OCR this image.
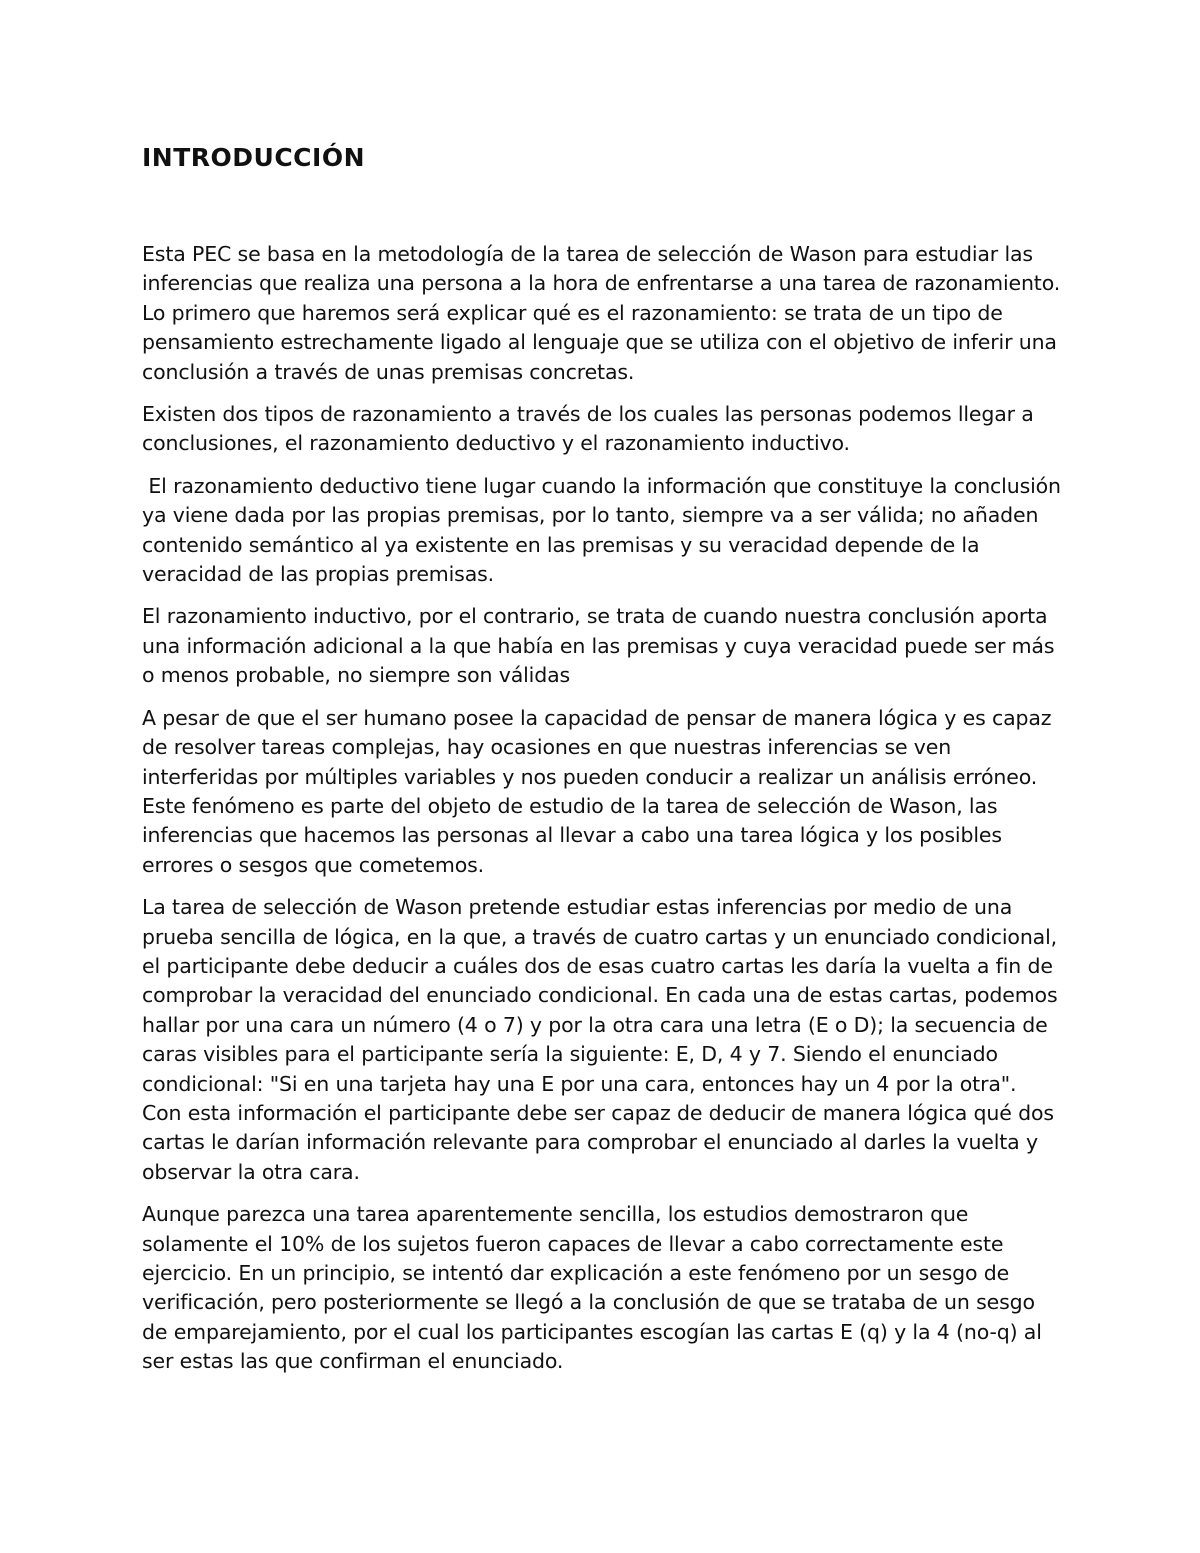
INTRODUCCIÓN

Esta PEC se basa en la metodología de la tarea de selección de Wason para estudiar las inferencias que realiza una persona a la hora de enfrentarse a una tarea de razonamiento. Lo primero que haremos será explicar qué es el razonamiento: se trata de un tipo de pensamiento estrechamente ligado al lenguaje que se utiliza con el objetivo de inferir una conclusión a través de unas premisas concretas.

Existen dos tipos de razonamiento a través de los cuales las personas podemos llegar a conclusiones, el razonamiento deductivo y el razonamiento inductivo.

El razonamiento deductivo tiene lugar cuando la información que constituye la conclusión ya viene dada por las propias premisas, por lo tanto, siempre va a ser válida; no añaden contenido semántico al ya existente en las premisas y su veracidad depende de la veracidad de las propias premisas.

El razonamiento inductivo, por el contrario, se trata de cuando nuestra conclusión aporta una información adicional a la que había en las premisas y cuya veracidad puede ser más o menos probable, no siempre son válidas

A pesar de que el ser humano posee la capacidad de pensar de manera lógica y es capaz de resolver tareas complejas, hay ocasiones en que nuestras inferencias se ven interferidas por múltiples variables y nos pueden conducir a realizar un análisis erróneo. Este fenómeno es parte del objeto de estudio de la tarea de selección de Wason, las inferencias que hacemos las personas al llevar a cabo una tarea lógica y los posibles errores o sesgos que cometemos.

La tarea de selección de Wason pretende estudiar estas inferencias por medio de una prueba sencilla de lógica, en la que, a través de cuatro cartas y un enunciado condicional, el participante debe deducir a cuáles dos de esas cuatro cartas les daría la vuelta a fin de comprobar la veracidad del enunciado condicional. En cada una de estas cartas, podemos hallar por una cara un número (4 o 7) y por la otra cara una letra (E o D); la secuencia de caras visibles para el participante sería la siguiente: E, D, 4 y 7. Siendo el enunciado condicional: "Si en una tarjeta hay una E por una cara, entonces hay un 4 por la otra". Con esta información el participante debe ser capaz de deducir de manera lógica qué dos cartas le darían información relevante para comprobar el enunciado al darles la vuelta y observar la otra cara.

Aunque parezca una tarea aparentemente sencilla, los estudios demostraron que solamente el 10% de los sujetos fueron capaces de llevar a cabo correctamente este ejercicio. En un principio, se intentó dar explicación a este fenómeno por un sesgo de verificación, pero posteriormente se llegó a la conclusión de que se trataba de un sesgo de emparejamiento, por el cual los participantes escogían las cartas E (q) y la 4 (no-q) al ser estas las que confirman el enunciado.
